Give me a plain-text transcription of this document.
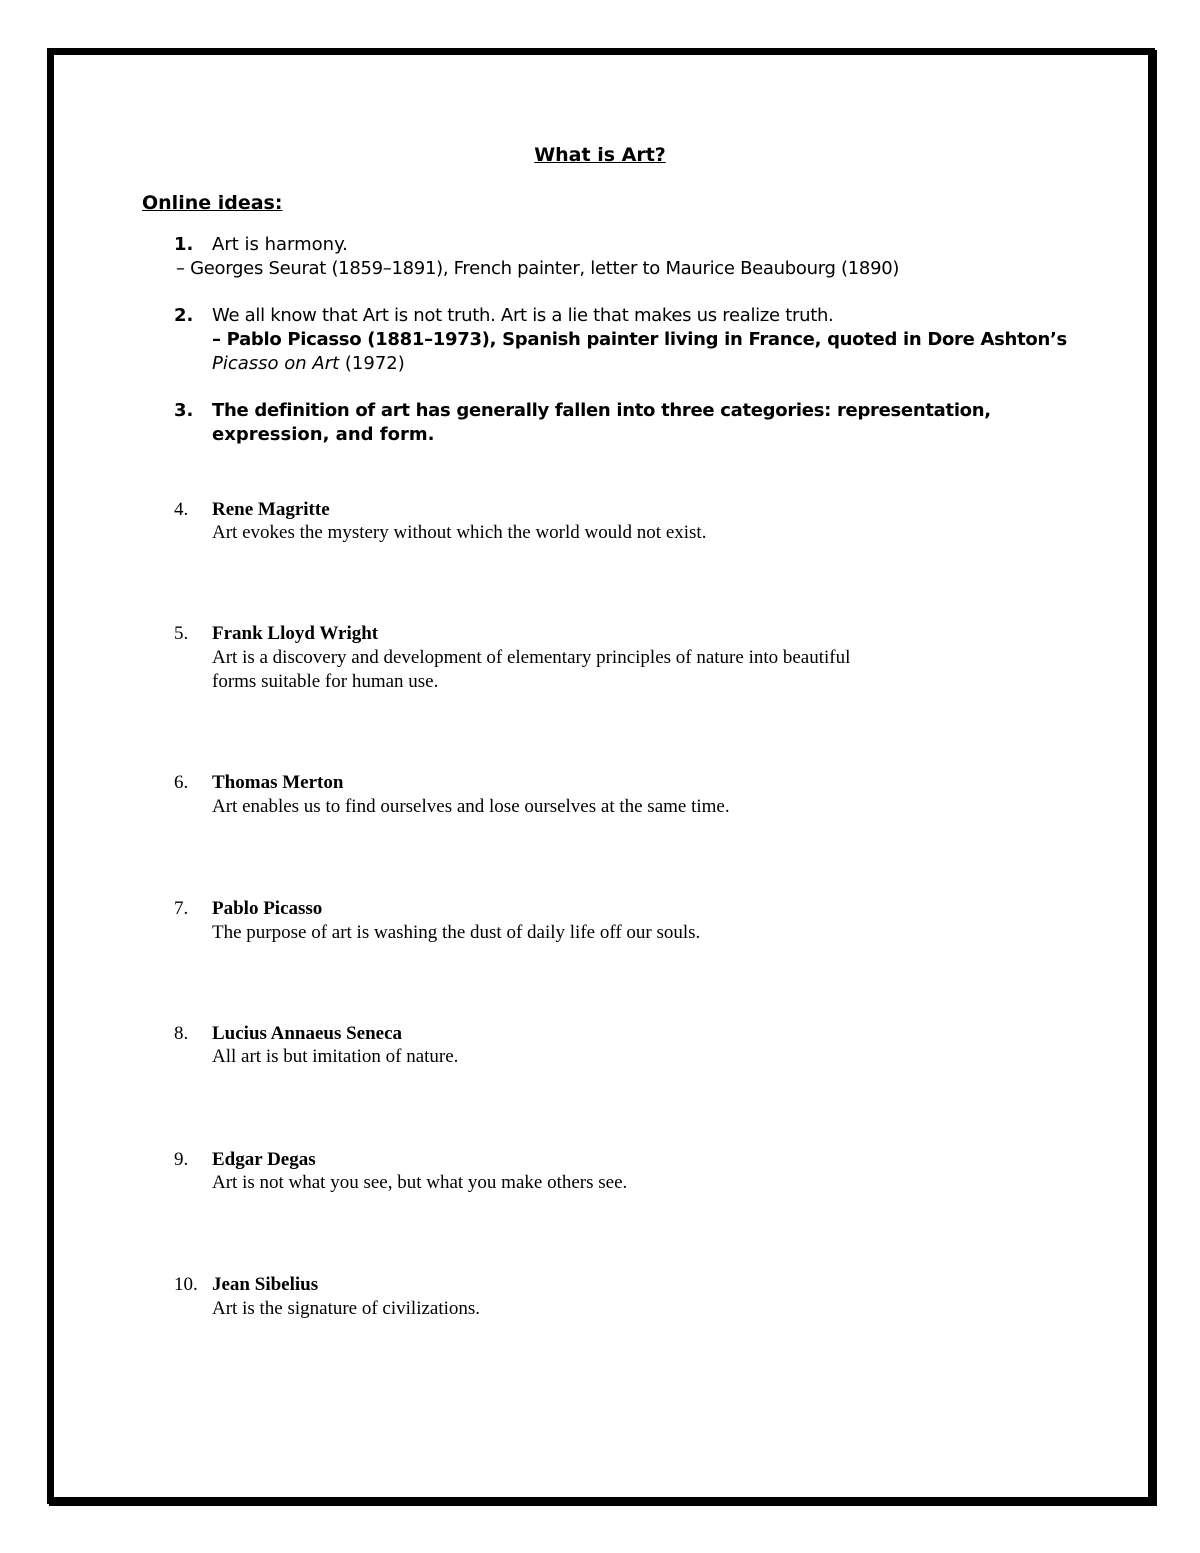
What is Art?
Online ideas:
1. Art is harmony.
– Georges Seurat (1859–1891), French painter, letter to Maurice Beaubourg (1890)
2. We all know that Art is not truth. Art is a lie that makes us realize truth.
– Pablo Picasso (1881–1973), Spanish painter living in France, quoted in Dore Ashton’s
Picasso on Art (1972)
3. The definition of art has generally fallen into three categories: representation,
expression, and form.
4. Rene Magritte
Art evokes the mystery without which the world would not exist.
5. Frank Lloyd Wright
Art is a discovery and development of elementary principles of nature into beautiful
forms suitable for human use.
6. Thomas Merton
Art enables us to find ourselves and lose ourselves at the same time.
7. Pablo Picasso
The purpose of art is washing the dust of daily life off our souls.
8. Lucius Annaeus Seneca
All art is but imitation of nature.
9. Edgar Degas
Art is not what you see, but what you make others see.
10. Jean Sibelius
Art is the signature of civilizations.
